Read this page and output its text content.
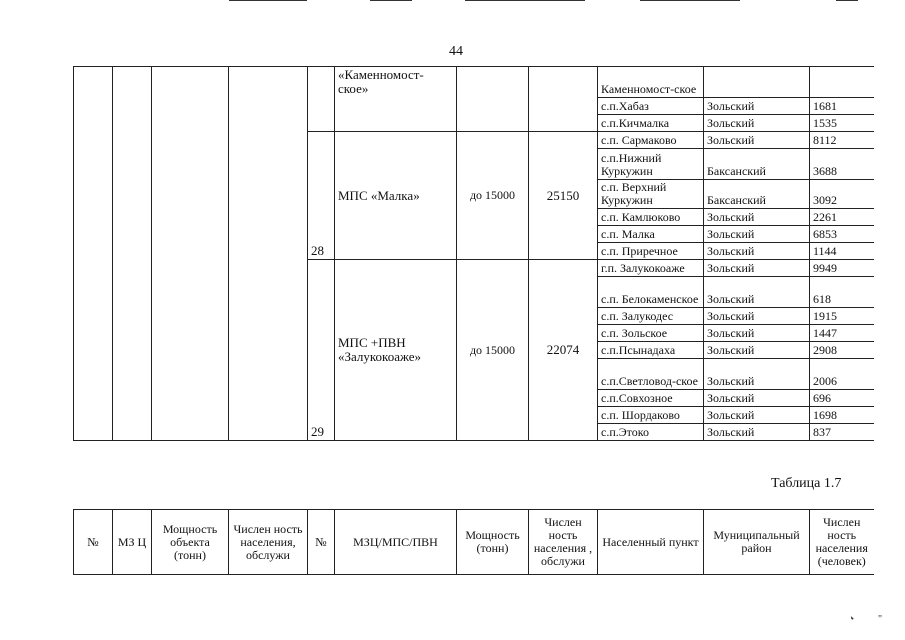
44
					«Каменномост-ское»			Каменномост-ское		
								с.п.Хабаз	Зольский	1681
								с.п.Кичмалка	Зольский	1535
				28	МПС «Малка»	до 15000	25150	с.п. Сармаково	Зольский	8112
								с.п.Нижний Куркужин	Баксанский	3688
								с.п. Верхний Куркужин	Баксанский	3092
								с.п. Камлюково	Зольский	2261
								с.п. Малка	Зольский	6853
								с.п. Приречное	Зольский	1144
				29	МПС +ПВН «Залукокоаже»	до 15000	22074	г.п. Залукокоаже	Зольский	9949
								с.п. Белокаменское	Зольский	618
								с.п. Залукодес	Зольский	1915
								с.п. Зольское	Зольский	1447
								с.п.Псынадаха	Зольский	2908
								с.п.Светловод-ское	Зольский	2006
								с.п.Совхозное	Зольский	696
								с.п. Шордаково	Зольский	1698
								с.п.Этоко	Зольский	837
Таблица 1.7
№	МЗ Ц	Мощность объекта (тонн)	Числен ность населения, обслужи	№	МЗЦ/МПС/ПВН	Мощность (тонн)	Числен ность населения , обслужи	Населенный пункт	Муниципальный район	Числен ность населения (человек)
❛ "
